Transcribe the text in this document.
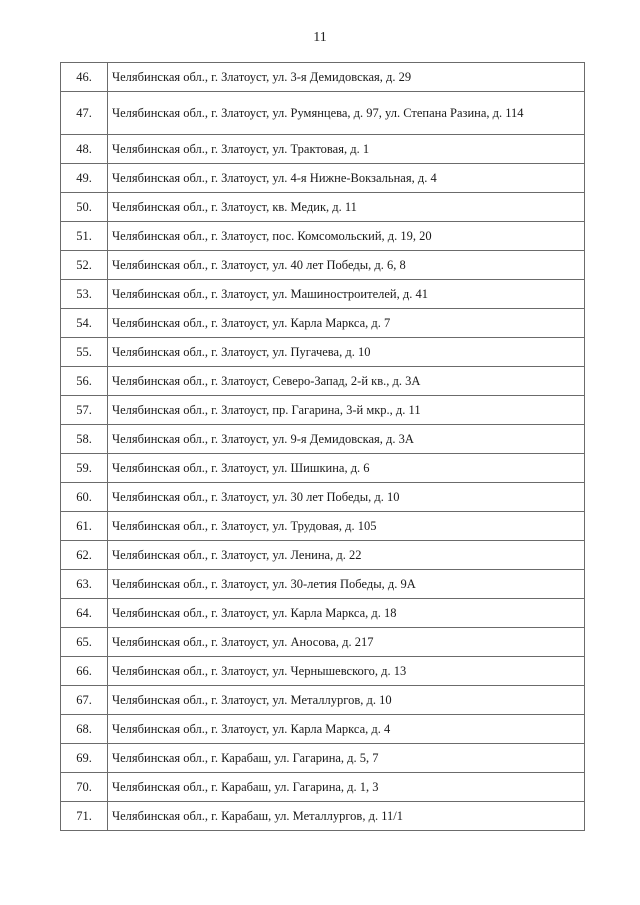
11
46.	Челябинская обл., г. Златоуст, ул. 3-я Демидовская, д. 29
47.	Челябинская обл., г. Златоуст, ул. Румянцева, д. 97, ул. Степана Разина, д. 114
48.	Челябинская обл., г. Златоуст, ул. Трактовая, д. 1
49.	Челябинская обл., г. Златоуст, ул. 4-я Нижне-Вокзальная, д. 4
50.	Челябинская обл., г. Златоуст, кв. Медик, д. 11
51.	Челябинская обл., г. Златоуст, пос. Комсомольский, д. 19, 20
52.	Челябинская обл., г. Златоуст, ул. 40 лет Победы, д. 6, 8
53.	Челябинская обл., г. Златоуст, ул. Машиностроителей, д. 41
54.	Челябинская обл., г. Златоуст, ул. Карла Маркса, д. 7
55.	Челябинская обл., г. Златоуст, ул. Пугачева, д. 10
56.	Челябинская обл., г. Златоуст, Северо-Запад, 2-й кв., д. 3А
57.	Челябинская обл., г. Златоуст, пр. Гагарина, 3-й мкр., д. 11
58.	Челябинская обл., г. Златоуст, ул. 9-я Демидовская, д. 3А
59.	Челябинская обл., г. Златоуст, ул. Шишкина, д. 6
60.	Челябинская обл., г. Златоуст, ул. 30 лет Победы, д. 10
61.	Челябинская обл., г. Златоуст, ул. Трудовая, д. 105
62.	Челябинская обл., г. Златоуст, ул. Ленина, д. 22
63.	Челябинская обл., г. Златоуст, ул. 30-летия Победы, д. 9А
64.	Челябинская обл., г. Златоуст, ул. Карла Маркса, д. 18
65.	Челябинская обл., г. Златоуст, ул. Аносова, д. 217
66.	Челябинская обл., г. Златоуст, ул. Чернышевского, д. 13
67.	Челябинская обл., г. Златоуст, ул. Металлургов, д. 10
68.	Челябинская обл., г. Златоуст, ул. Карла Маркса, д. 4
69.	Челябинская обл., г. Карабаш, ул. Гагарина, д. 5, 7
70.	Челябинская обл., г. Карабаш, ул. Гагарина, д. 1, 3
71.	Челябинская обл., г. Карабаш, ул. Металлургов, д. 11/1
